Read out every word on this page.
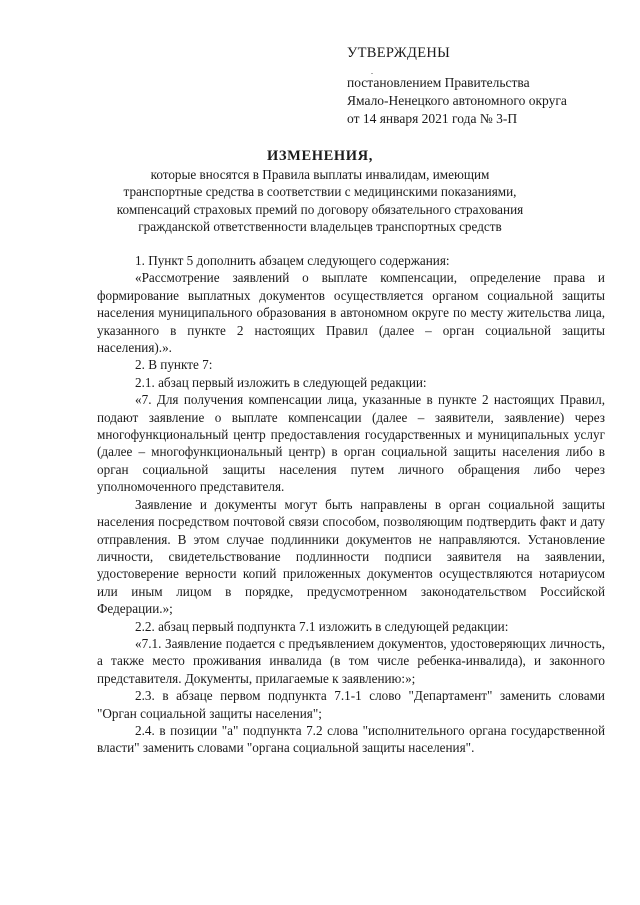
УТВЕРЖДЕНЫ
.
постановлением Правительства
Ямало-Ненецкого автономного округа
от 14 января 2021 года № 3-П
ИЗМЕНЕНИЯ,
которые вносятся в Правила выплаты инвалидам, имеющим
транспортные средства в соответствии с медицинскими показаниями,
компенсаций страховых премий по договору обязательного страхования
гражданской ответственности владельцев транспортных средств

1. Пункт 5 дополнить абзацем следующего содержания:

«Рассмотрение заявлений о выплате компенсации, определение права и формирование выплатных документов осуществляется органом социальной защиты населения муниципального образования в автономном округе по месту жительства лица, указанного в пункте 2 настоящих Правил (далее – орган социальной защиты населения).».

2. В пункте 7:

2.1. абзац первый изложить в следующей редакции:

«7. Для получения компенсации лица, указанные в пункте 2 настоящих Правил, подают заявление о выплате компенсации (далее – заявители, заявление) через многофункциональный центр предоставления государственных и муниципальных услуг (далее – многофункциональный центр) в орган социальной защиты населения либо в орган социальной защиты населения путем личного обращения либо через уполномоченного представителя.

Заявление и документы могут быть направлены в орган социальной защиты населения посредством почтовой связи способом, позволяющим подтвердить факт и дату отправления. В этом случае подлинники документов не направляются. Установление личности, свидетельствование подлинности подписи заявителя на заявлении, удостоверение верности копий приложенных документов осуществляются нотариусом или иным лицом в порядке, предусмотренном законодательством Российской Федерации.»;

2.2. абзац первый подпункта 7.1 изложить в следующей редакции:

«7.1. Заявление подается с предъявлением документов, удостоверяющих личность, а также место проживания инвалида (в том числе ребенка-инвалида), и законного представителя. Документы, прилагаемые к заявлению:»;

2.3. в абзаце первом подпункта 7.1-1 слово "Департамент" заменить словами "Орган социальной защиты населения";

2.4. в позиции "а" подпункта 7.2 слова "исполнительного органа государственной власти" заменить словами "органа социальной защиты населения".
